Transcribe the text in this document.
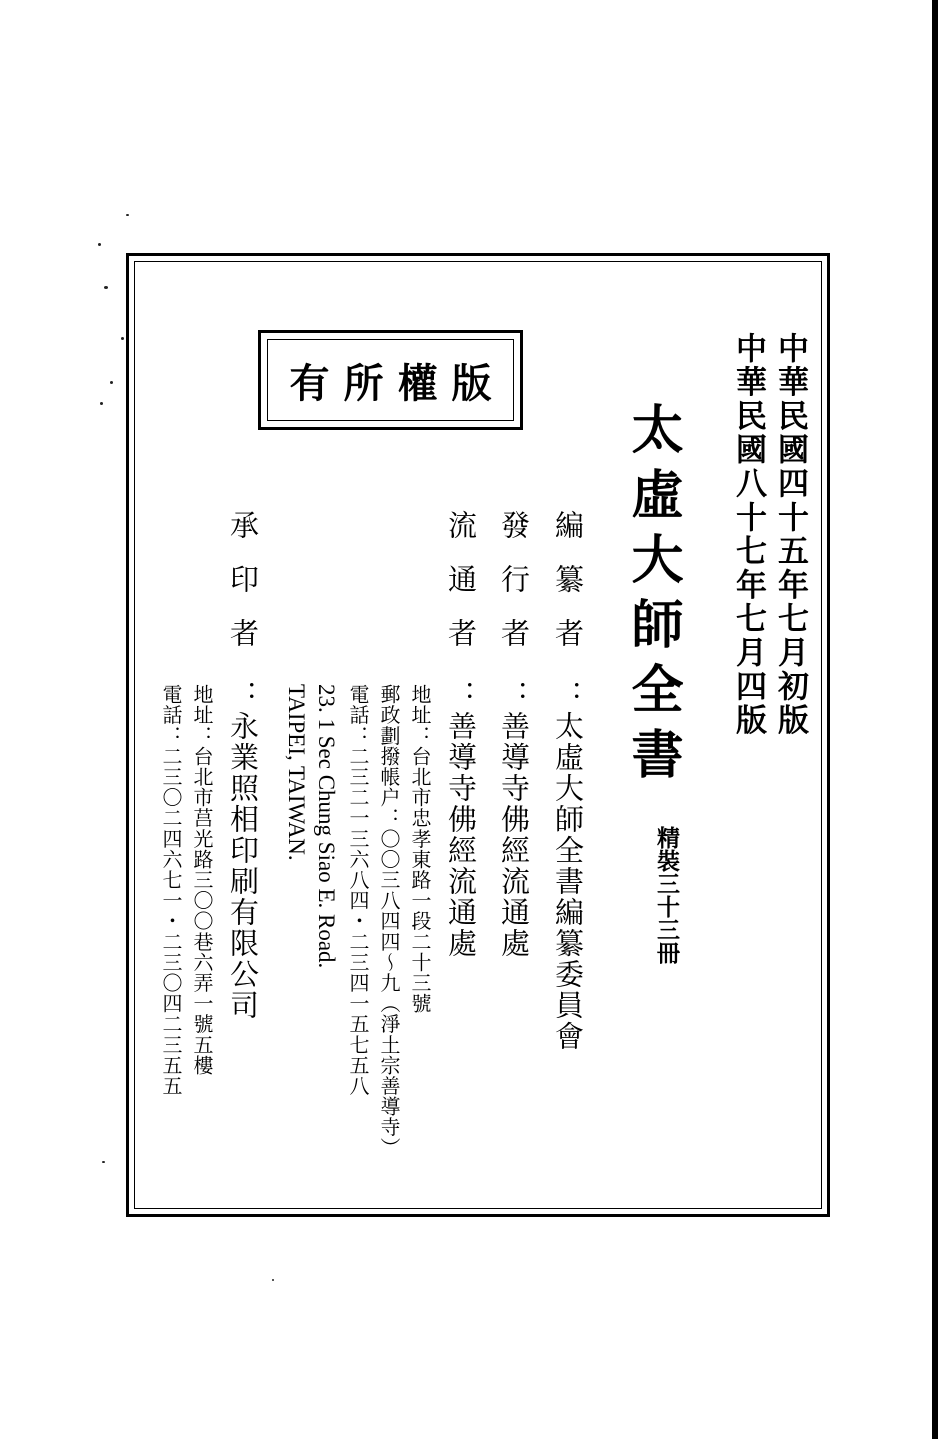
有所權版	中華民國四十五年七月初版
中華民國八十七年七月四版
太虛大師全書
精裝三十三冊
編纂者
：太虛大師全書編纂委員會
發行者
：善導寺佛經流通處
流通者
：善導寺佛經流通處
地址：台北市忠孝東路一段二十三號
郵政劃撥帳户：〇〇三八四四〜九（淨土宗善導寺）
電話：二三二一三六八四・二三四一五七五八
23. 1 Sec Chung Siao E. Road.
TAIPEI, TAIWAN.
承印者
：永業照相印刷有限公司
地址：台北市莒光路三〇〇巷六弄一號五樓
電話：二三〇二四六七一・二三〇四二三五五
